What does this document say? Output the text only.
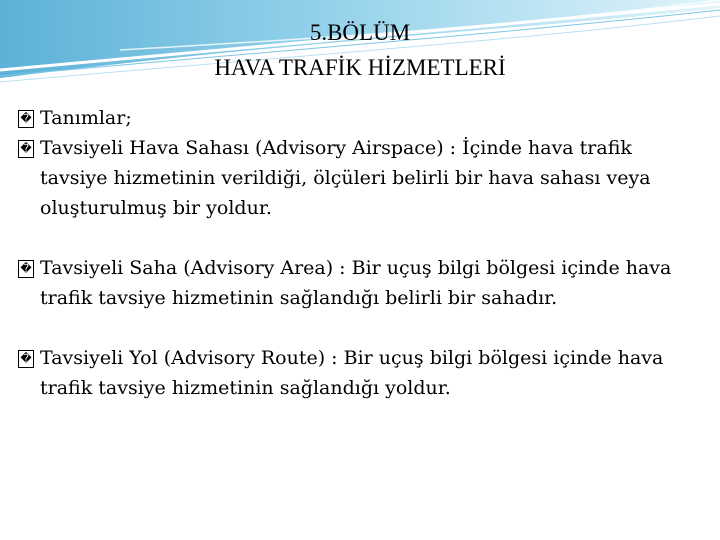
5.BÖLÜM
HAVA TRAFİK HİZMETLERİ

� Tanımlar;

� Tavsiyeli Hava Sahası (Advisory Airspace) : İçinde hava trafik tavsiye hizmetinin verildiği, ölçüleri belirli bir hava sahası veya oluşturulmuş bir yoldur.

� Tavsiyeli Saha (Advisory Area) : Bir uçuş bilgi bölgesi içinde hava trafik tavsiye hizmetinin sağlandığı belirli bir sahadır.

� Tavsiyeli Yol (Advisory Route) : Bir uçuş bilgi bölgesi içinde hava trafik tavsiye hizmetinin sağlandığı yoldur.
